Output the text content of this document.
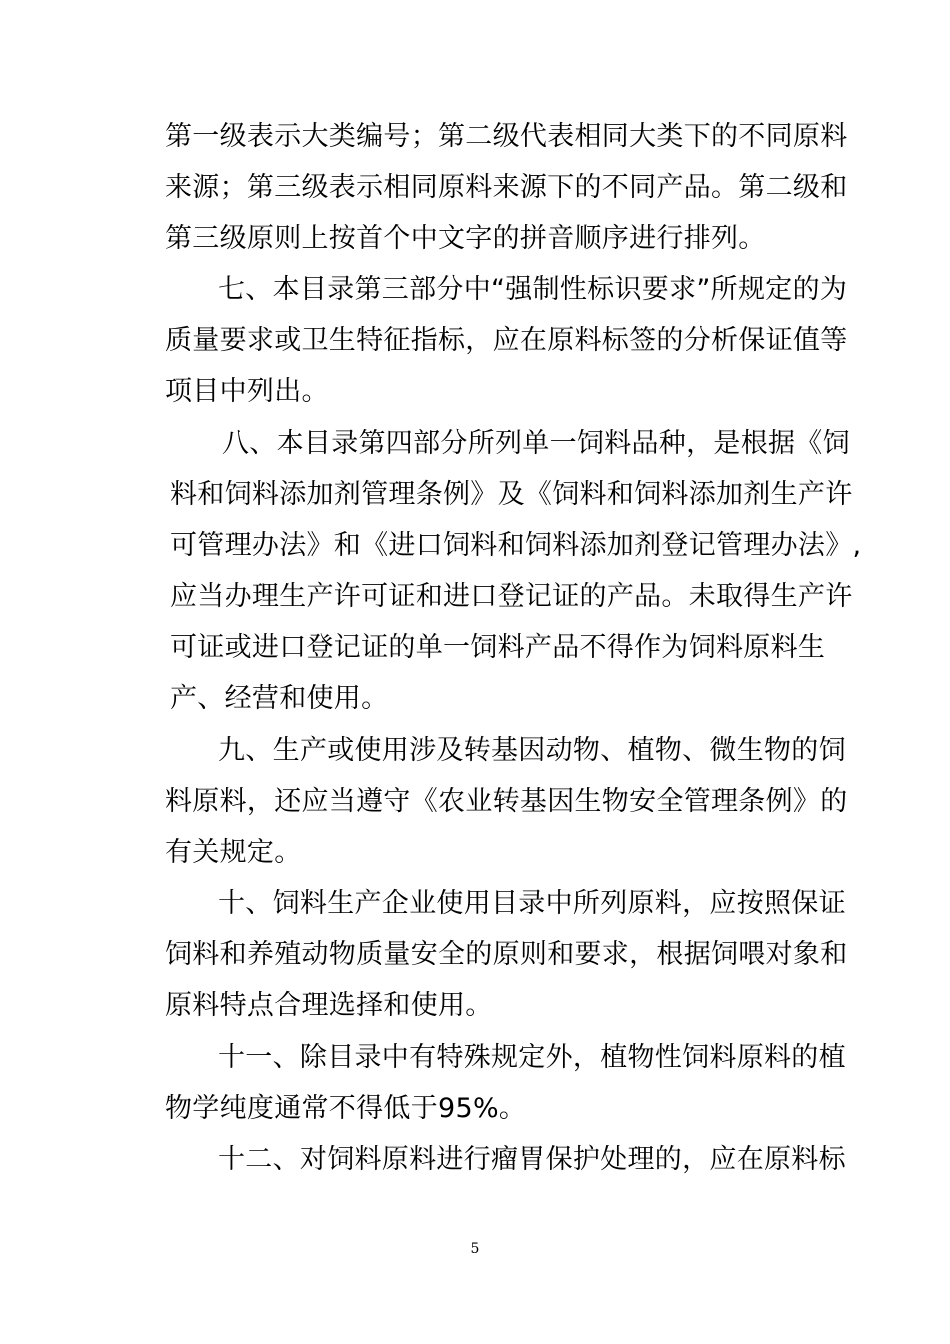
第一级表示大类编号；第二级代表相同大类下的不同原料
来源；第三级表示相同原料来源下的不同产品。第二级和
第三级原则上按首个中文字的拼音顺序进行排列。
七、本目录第三部分中“强制性标识要求”所规定的为
质量要求或卫生特征指标，应在原料标签的分析保证值等
项目中列出。
八、本目录第四部分所列单一饲料品种，是根据《饲
料和饲料添加剂管理条例》及《饲料和饲料添加剂生产许
可管理办法》和《进口饲料和饲料添加剂登记管理办法》,
应当办理生产许可证和进口登记证的产品。未取得生产许
可证或进口登记证的单一饲料产品不得作为饲料原料生
产、经营和使用。
九、生产或使用涉及转基因动物、植物、微生物的饲
料原料，还应当遵守《农业转基因生物安全管理条例》的
有关规定。
十、饲料生产企业使用目录中所列原料，应按照保证
饲料和养殖动物质量安全的原则和要求，根据饲喂对象和
原料特点合理选择和使用。
十一、除目录中有特殊规定外，植物性饲料原料的植
物学纯度通常不得低于95%。
十二、对饲料原料进行瘤胃保护处理的，应在原料标
5
